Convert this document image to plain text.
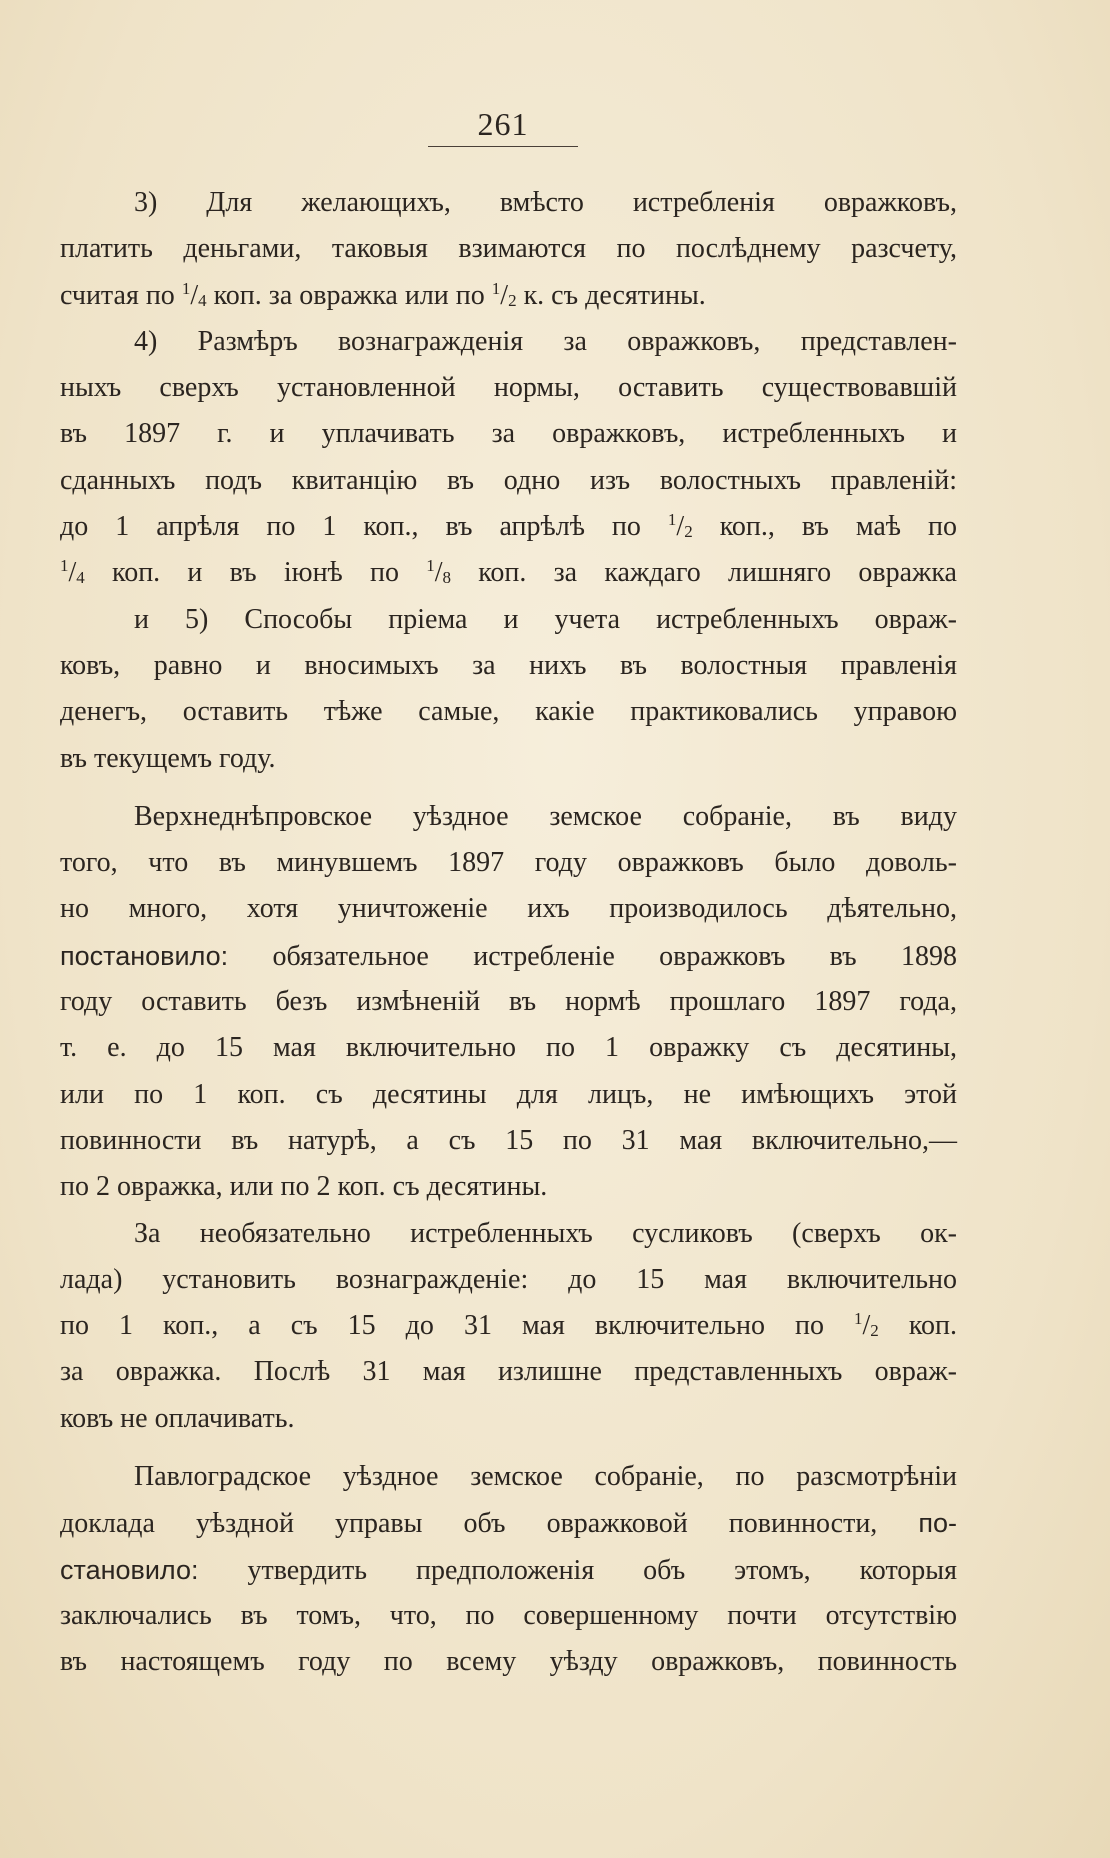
261
3) Для желающихъ, вмѣсто истребленія овражковъ,
платить деньгами, таковыя взимаются по послѣднему разсчету,
считая по $^1/_4$ коп. за овражка или по $^1/_2$ к. съ десятины.
4) Размѣръ вознагражденія за овражковъ, представлен-
ныхъ сверхъ установленной нормы, оставить существовавшій
въ 1897 г. и уплачивать за овражковъ, истребленныхъ и
сданныхъ подъ квитанцію въ одно изъ волостныхъ правленій:
до 1 апрѣля по 1 коп., въ апрѣлѣ по $^1/_2$ коп., въ маѣ по
$^1/_4$ коп. и въ іюнѣ по $^1/_8$ коп. за каждаго лишняго овражка
и 5) Способы пріема и учета истребленныхъ овраж-
ковъ, равно и вносимыхъ за нихъ въ волостныя правленія
денегъ, оставить тѣже самые, какіе практиковались управою
въ текущемъ году.
Верхнеднѣпровское уѣздное земское собраніе, въ виду
того, что въ минувшемъ 1897 году овражковъ было доволь-
но много, хотя уничтоженіе ихъ производилось дѣятельно,
постановило: обязательное истребленіе овражковъ въ 1898
году оставить безъ измѣненій въ нормѣ прошлаго 1897 года,
т. е. до 15 мая включительно по 1 овражку съ десятины,
или по 1 коп. съ десятины для лицъ, не имѣющихъ этой
повинности въ натурѣ, а съ 15 по 31 мая включительно,—
по 2 овражка, или по 2 коп. съ десятины.
За необязательно истребленныхъ сусликовъ (сверхъ ок-
лада) установить вознагражденіе: до 15 мая включительно
по 1 коп., а съ 15 до 31 мая включительно по $^1/_2$ коп.
за овражка. Послѣ 31 мая излишне представленныхъ овраж-
ковъ не оплачивать.
Павлоградское уѣздное земское собраніе, по разсмотрѣніи
доклада уѣздной управы объ овражковой повинности, по-
становило: утвердить предположенія объ этомъ, которыя
заключались въ томъ, что, по совершенному почти отсутствію
въ настоящемъ году по всему уѣзду овражковъ, повинность
